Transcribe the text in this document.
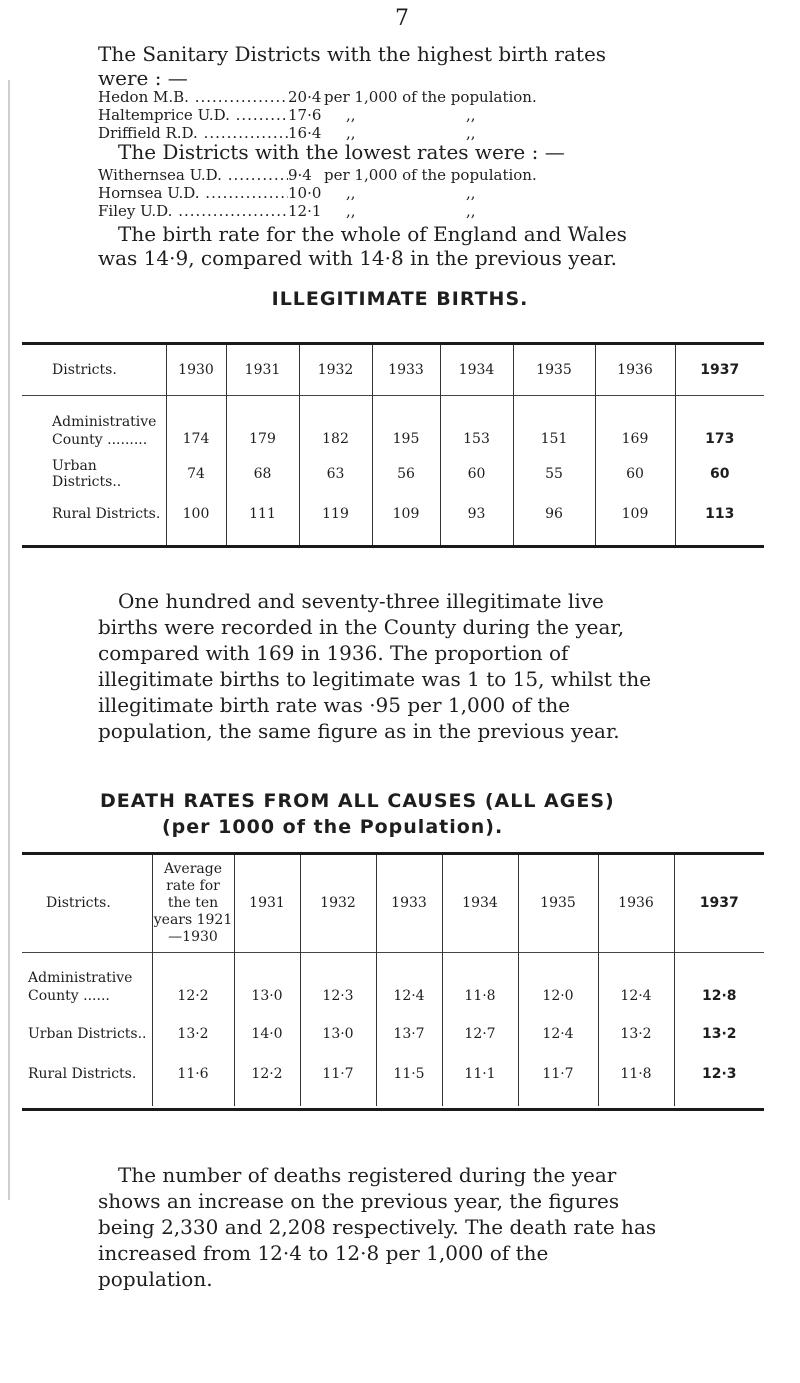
7

The Sanitary Districts with the highest birth rates were : —

Hedon M.B. .....	20·4 per 1,000 of the population.
Haltemprice U.D. .....	17·6	,,	,,
Driffield R.D. .....	16·4	,,	,,
The Districts with the lowest rates were : —
Withernsea U.D. .....	9·4 per 1,000 of the population.
Hornsea U.D. .....	10·0	,,	,,
Filey U.D. .....	12·1	,,	,,

The birth rate for the whole of England and Wales was 14·9, compared with 14·8 in the previous year.

ILLEGITIMATE BIRTHS.
Districts.	1930	1931	1932	1933	1934	1935	1936	1937
Administrative County .........	174	179	182	195	153	151	169	173
Urban Districts..	74	68	63	56	60	55	60	60
Rural Districts.	100	111	119	109	93	96	109	113

One hundred and seventy-three illegitimate live births were recorded in the County during the year, compared with 169 in 1936. The proportion of illegitimate births to legitimate was 1 to 15, whilst the illegitimate birth rate was ·95 per 1,000 of the population, the same figure as in the previous year.

DEATH RATES FROM ALL CAUSES (ALL AGES)
(per 1000 of the Population).
Districts.	Average rate for the ten years 1921—1930	1931	1932	1933	1934	1935	1936	1937
Administrative County ......	12·2	13·0	12·3	12·4	11·8	12·0	12·4	12·8
Urban Districts..	13·2	14·0	13·0	13·7	12·7	12·4	13·2	13·2
Rural Districts.	11·6	12·2	11·7	11·5	11·1	11·7	11·8	12·3

The number of deaths registered during the year shows an increase on the previous year, the figures being 2,330 and 2,208 respectively. The death rate has increased from 12·4 to 12·8 per 1,000 of the population.
